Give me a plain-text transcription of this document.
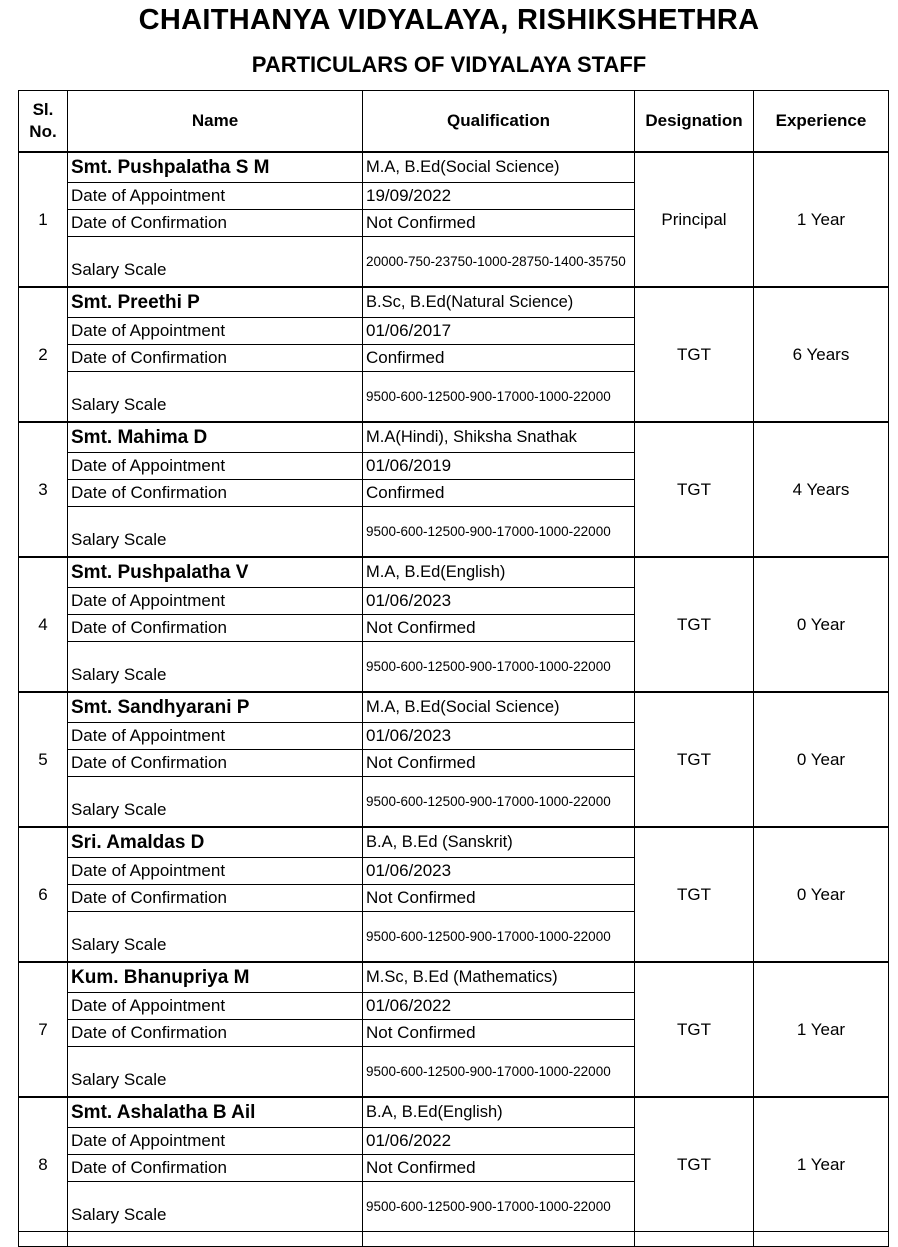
CHAITHANYA VIDYALAYA, RISHIKSHETHRA
PARTICULARS OF VIDYALAYA STAFF
Sl. No.	Name	Qualification	Designation	Experience
1	Smt. Pushpalatha S M	M.A, B.Ed(Social Science)	Principal	1 Year
	Date of Appointment	19/09/2022		
	Date of Confirmation	Not Confirmed		
	Salary Scale	20000-750-23750-1000-28750-1400-35750		
2	Smt. Preethi P	B.Sc, B.Ed(Natural Science)	TGT	6 Years
	Date of Appointment	01/06/2017		
	Date of Confirmation	Confirmed		
	Salary Scale	9500-600-12500-900-17000-1000-22000		
3	Smt. Mahima D	M.A(Hindi), Shiksha Snathak	TGT	4 Years
	Date of Appointment	01/06/2019		
	Date of Confirmation	Confirmed		
	Salary Scale	9500-600-12500-900-17000-1000-22000		
4	Smt. Pushpalatha V	M.A, B.Ed(English)	TGT	0 Year
	Date of Appointment	01/06/2023		
	Date of Confirmation	Not Confirmed		
	Salary Scale	9500-600-12500-900-17000-1000-22000		
5	Smt. Sandhyarani P	M.A, B.Ed(Social Science)	TGT	0 Year
	Date of Appointment	01/06/2023		
	Date of Confirmation	Not Confirmed		
	Salary Scale	9500-600-12500-900-17000-1000-22000		
6	Sri. Amaldas D	B.A, B.Ed (Sanskrit)	TGT	0 Year
	Date of Appointment	01/06/2023		
	Date of Confirmation	Not Confirmed		
	Salary Scale	9500-600-12500-900-17000-1000-22000		
7	Kum. Bhanupriya M	M.Sc, B.Ed (Mathematics)	TGT	1 Year
	Date of Appointment	01/06/2022		
	Date of Confirmation	Not Confirmed		
	Salary Scale	9500-600-12500-900-17000-1000-22000		
8	Smt. Ashalatha B Ail	B.A, B.Ed(English)	TGT	1 Year
	Date of Appointment	01/06/2022		
	Date of Confirmation	Not Confirmed		
	Salary Scale	9500-600-12500-900-17000-1000-22000		
